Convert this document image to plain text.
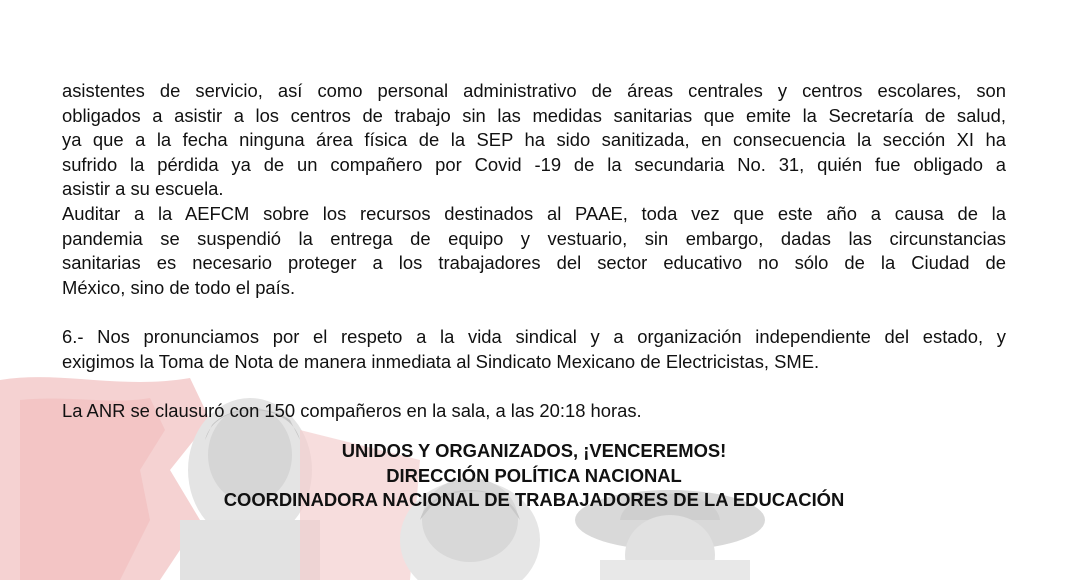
asistentes de servicio, así como personal administrativo de áreas centrales y centros escolares, son
obligados a asistir a los centros de trabajo sin las medidas sanitarias que emite la Secretaría de salud,
ya que a la fecha ninguna área física de la SEP ha sido sanitizada, en consecuencia la sección XI ha
sufrido la pérdida ya de un compañero por Covid -19 de la secundaria No. 31, quién fue obligado a
asistir a su escuela.

Auditar a la AEFCM sobre los recursos destinados al PAAE, toda vez que este año a causa de la
pandemia se suspendió la entrega de equipo y vestuario, sin embargo, dadas las circunstancias
sanitarias es necesario proteger a los trabajadores del sector educativo no sólo de la Ciudad de
México, sino de todo el país.

6.- Nos pronunciamos por el respeto a la vida sindical y a organización independiente del estado, y
exigimos la Toma de Nota de manera inmediata al Sindicato Mexicano de Electricistas, SME.

La ANR se clausuró con 150 compañeros en la sala, a las 20:18 horas.

UNIDOS Y ORGANIZADOS, ¡VENCEREMOS!
DIRECCIÓN POLÍTICA NACIONAL
COORDINADORA NACIONAL DE TRABAJADORES DE LA EDUCACIÓN
